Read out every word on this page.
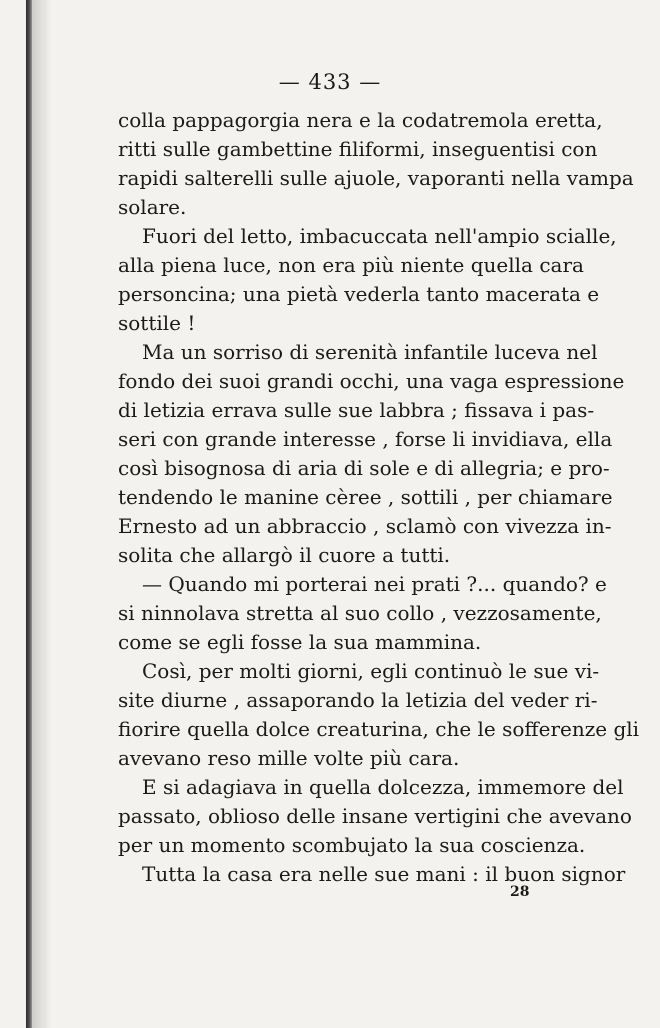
— 433 —
colla pappagorgia nera e la codatremola eretta,
ritti sulle gambettine filiformi, inseguentisi con
rapidi salterelli sulle ajuole, vaporanti nella vampa
solare.
Fuori del letto, imbacuccata nell'ampio scialle,
alla piena luce, non era più niente quella cara
personcina; una pietà vederla tanto macerata e
sottile !
Ma un sorriso di serenità infantile luceva nel
fondo dei suoi grandi occhi, una vaga espressione
di letizia errava sulle sue labbra ; fissava i pas-
seri con grande interesse , forse li invidiava, ella
così bisognosa di aria di sole e di allegria; e pro-
tendendo le manine cèree , sottili , per chiamare
Ernesto ad un abbraccio , sclamò con vivezza in-
solita che allargò il cuore a tutti.
— Quando mi porterai nei prati ?... quando? e
si ninnolava stretta al suo collo , vezzosamente,
come se egli fosse la sua mammina.
Così, per molti giorni, egli continuò le sue vi-
site diurne , assaporando la letizia del veder ri-
fiorire quella dolce creaturina, che le sofferenze gli
avevano reso mille volte più cara.
E si adagiava in quella dolcezza, immemore del
passato, oblioso delle insane vertigini che avevano
per un momento scombujato la sua coscienza.
Tutta la casa era nelle sue mani : il buon signor
28
